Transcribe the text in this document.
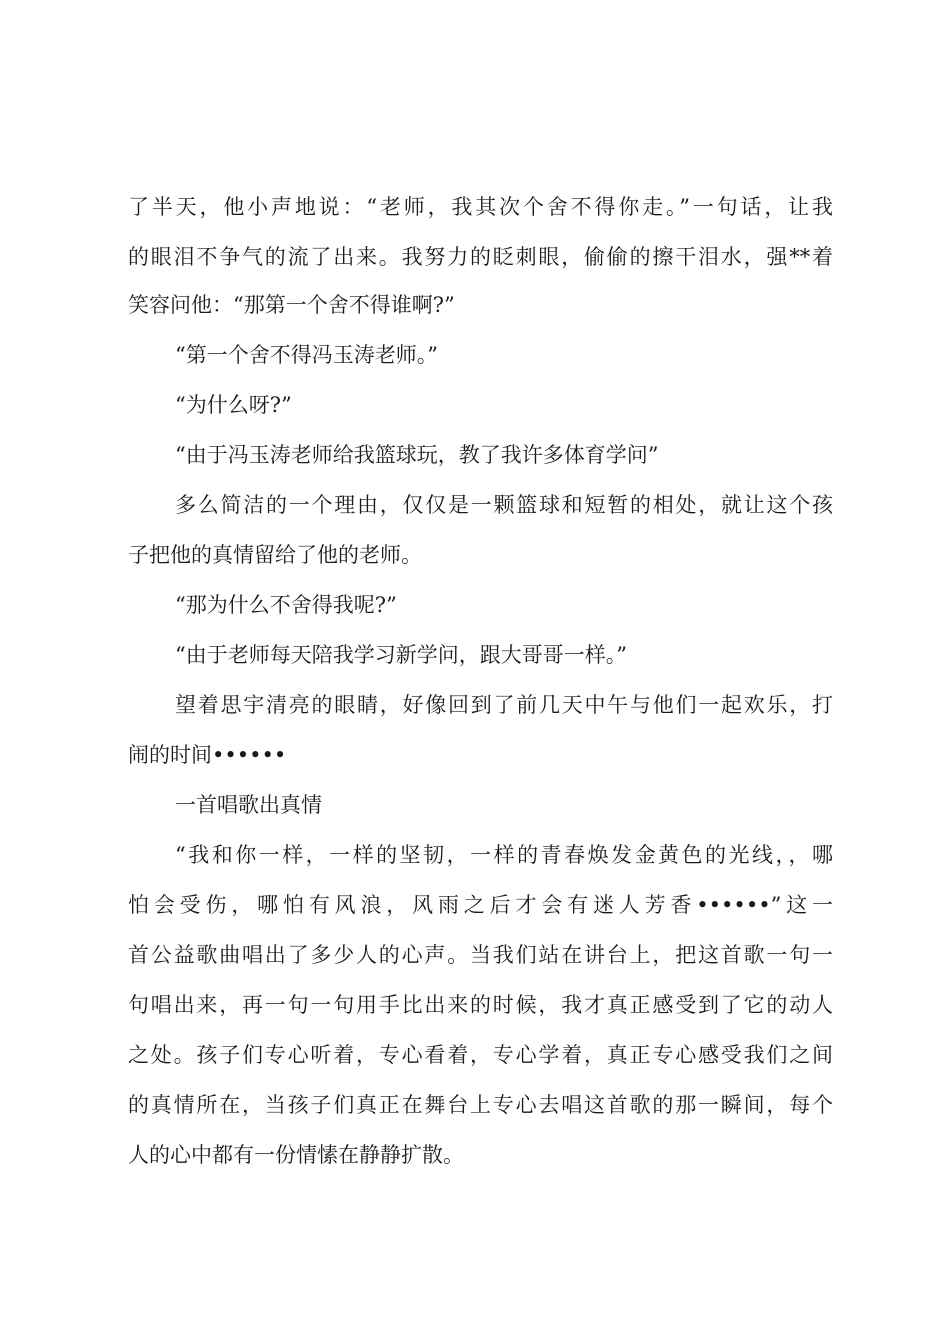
了半天，他小声地说：“老师，我其次个舍不得你走。”一句话，让我
的眼泪不争气的流了出来。我努力的眨刺眼，偷偷的擦干泪水，强**着
笑容问他：“那第一个舍不得谁啊?”
“第一个舍不得冯玉涛老师。”
“为什么呀?”
“由于冯玉涛老师给我篮球玩，教了我许多体育学问”
多么简洁的一个理由，仅仅是一颗篮球和短暂的相处，就让这个孩
子把他的真情留给了他的老师。
“那为什么不舍得我呢?”
“由于老师每天陪我学习新学问，跟大哥哥一样。”
望着思宇清亮的眼睛，好像回到了前几天中午与他们一起欢乐，打
闹的时间••••••
一首唱歌出真情
“我和你一样，一样的坚韧，一样的青春焕发金黄色的光线，，哪
怕会受伤，哪怕有风浪，风雨之后才会有迷人芳香••••••”这一
首公益歌曲唱出了多少人的心声。当我们站在讲台上，把这首歌一句一
句唱出来，再一句一句用手比出来的时候，我才真正感受到了它的动人
之处。孩子们专心听着，专心看着，专心学着，真正专心感受我们之间
的真情所在，当孩子们真正在舞台上专心去唱这首歌的那一瞬间，每个
人的心中都有一份情愫在静静扩散。
